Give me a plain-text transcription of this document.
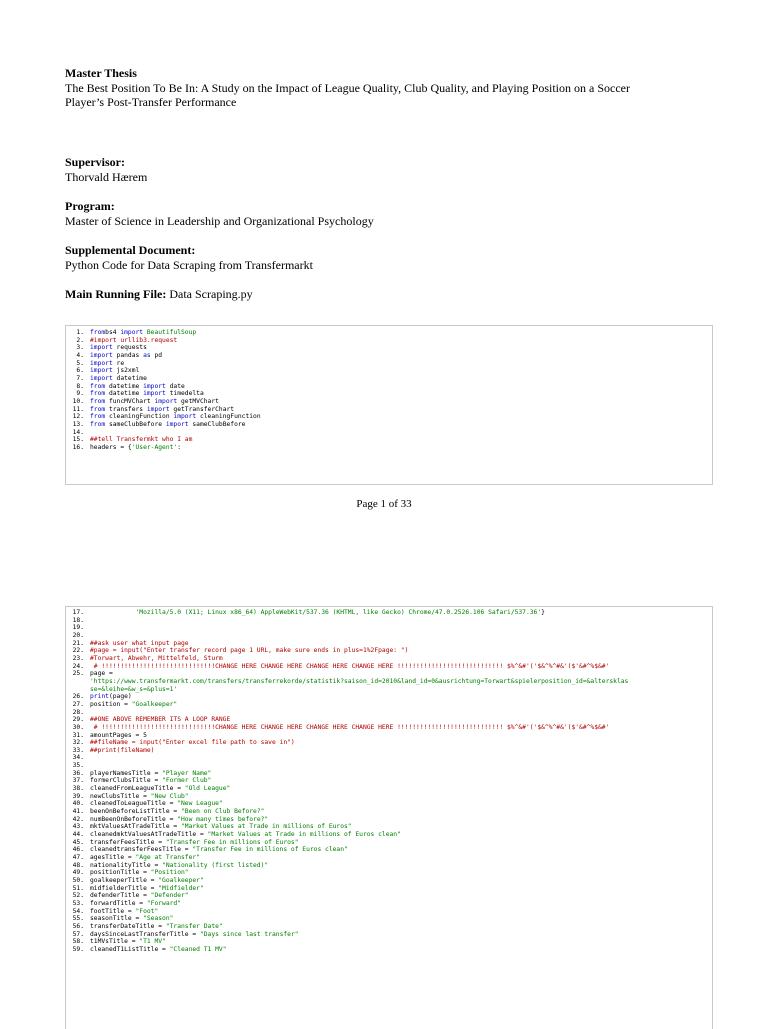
Master Thesis
The Best Position To Be In: A Study on the Impact of League Quality, Club Quality, and Playing Position on a Soccer
Player’s Post-Transfer Performance
Supervisor:
Thorvald Hærem
Program:
Master of Science in Leadership and Organizational Psychology
Supplemental Document:
Python Code for Data Scraping from Transfermarkt
Main Running File: Data Scraping.py
1. frombs4 import BeautifulSoup
2. #import urllib3.request
3. import requests
4. import pandas as pd
5. import re
6. import js2xml
7. import datetime
8. from datetime import date
9. from datetime import timedelta
10. from funcMVChart import getMVChart
11. from transfers import getTransferChart
12. from cleaningFunction import cleaningFunction
13. from sameClubBefore import sameClubBefore
14.
15. ##tell Transfermkt who I am
16. headers = {'User-Agent':
Page 1 of 33
17.	'Mozilla/5.0 (X11; Linux x86_64) AppleWebKit/537.36 (KHTML, like Gecko) Chrome/47.0.2526.106 Safari/537.36'}
18.
19.
20.
21. ##ask user what input page
22. #page = input("Enter transfer record page 1 URL, make sure ends in plus=1%2Fpage: ")
23. #Torwart, Abwehr, Mittelfeld, Sturm
24. # !!!!!!!!!!!!!!!!!!!!!!!!!!!!!!CHANGE HERE CHANGE HERE CHANGE HERE CHANGE HERE !!!!!!!!!!!!!!!!!!!!!!!!!!!! $%^&#'('$&^%^#&'($'&#^%$&#'
25. page =
'https://www.transfermarkt.com/transfers/transferrekorde/statistik?saison_id=2010&land_id=0&ausrichtung=Torwart&spielerposition_id=&altersklas
se=&leihe=&w_s=&plus=1'
26. print(page)
27. position = "Goalkeeper"
28.
29. ##ONE ABOVE REMEMBER ITS A LOOP RANGE
30. # !!!!!!!!!!!!!!!!!!!!!!!!!!!!!!CHANGE HERE CHANGE HERE CHANGE HERE CHANGE HERE !!!!!!!!!!!!!!!!!!!!!!!!!!!! $%^&#'('$&^%^#&'($'&#^%$&#'
31. amountPages = 5
32. ##fileName = input("Enter excel file path to save in")
33. ##print(fileName)
34.
35.
36. playerNamesTitle = "Player Name"
37. formerClubsTitle = "Former Club"
38. cleanedFromLeagueTitle = "Old League"
39. newClubsTitle = "New Club"
40. cleanedToLeagueTitle = "New League"
41. beenOnBeforeListTitle = "Been on Club Before?"
42. numBeenOnBeforeTitle = "How many times before?"
43. mktValuesAtTradeTitle = "Market Values at Trade in millions of Euros"
44. cleanedmktValuesAtTradeTitle = "Market Values at Trade in millions of Euros clean"
45. transferFeesTitle = "Transfer Fee in millions of Euros"
46. cleanedtransferFeesTitle = "Transfer Fee in millions of Euros clean"
47. agesTitle = "Age at Transfer"
48. nationalityTitle = "Nationality (first listed)"
49. positionTitle = "Position"
50. goalkeeperTitle = "Goalkeeper"
51. midfielderTitle = "Midfielder"
52. defenderTitle = "Defender"
53. forwardTitle = "Forward"
54. footTitle = "Foot"
55. seasonTitle = "Season"
56. transferDateTitle = "Transfer Date"
57. daysSinceLastTransferTitle = "Days since last transfer"
58. t1MVsTitle = "T1 MV"
59. cleanedT1ListTitle = "Cleaned T1 MV"
